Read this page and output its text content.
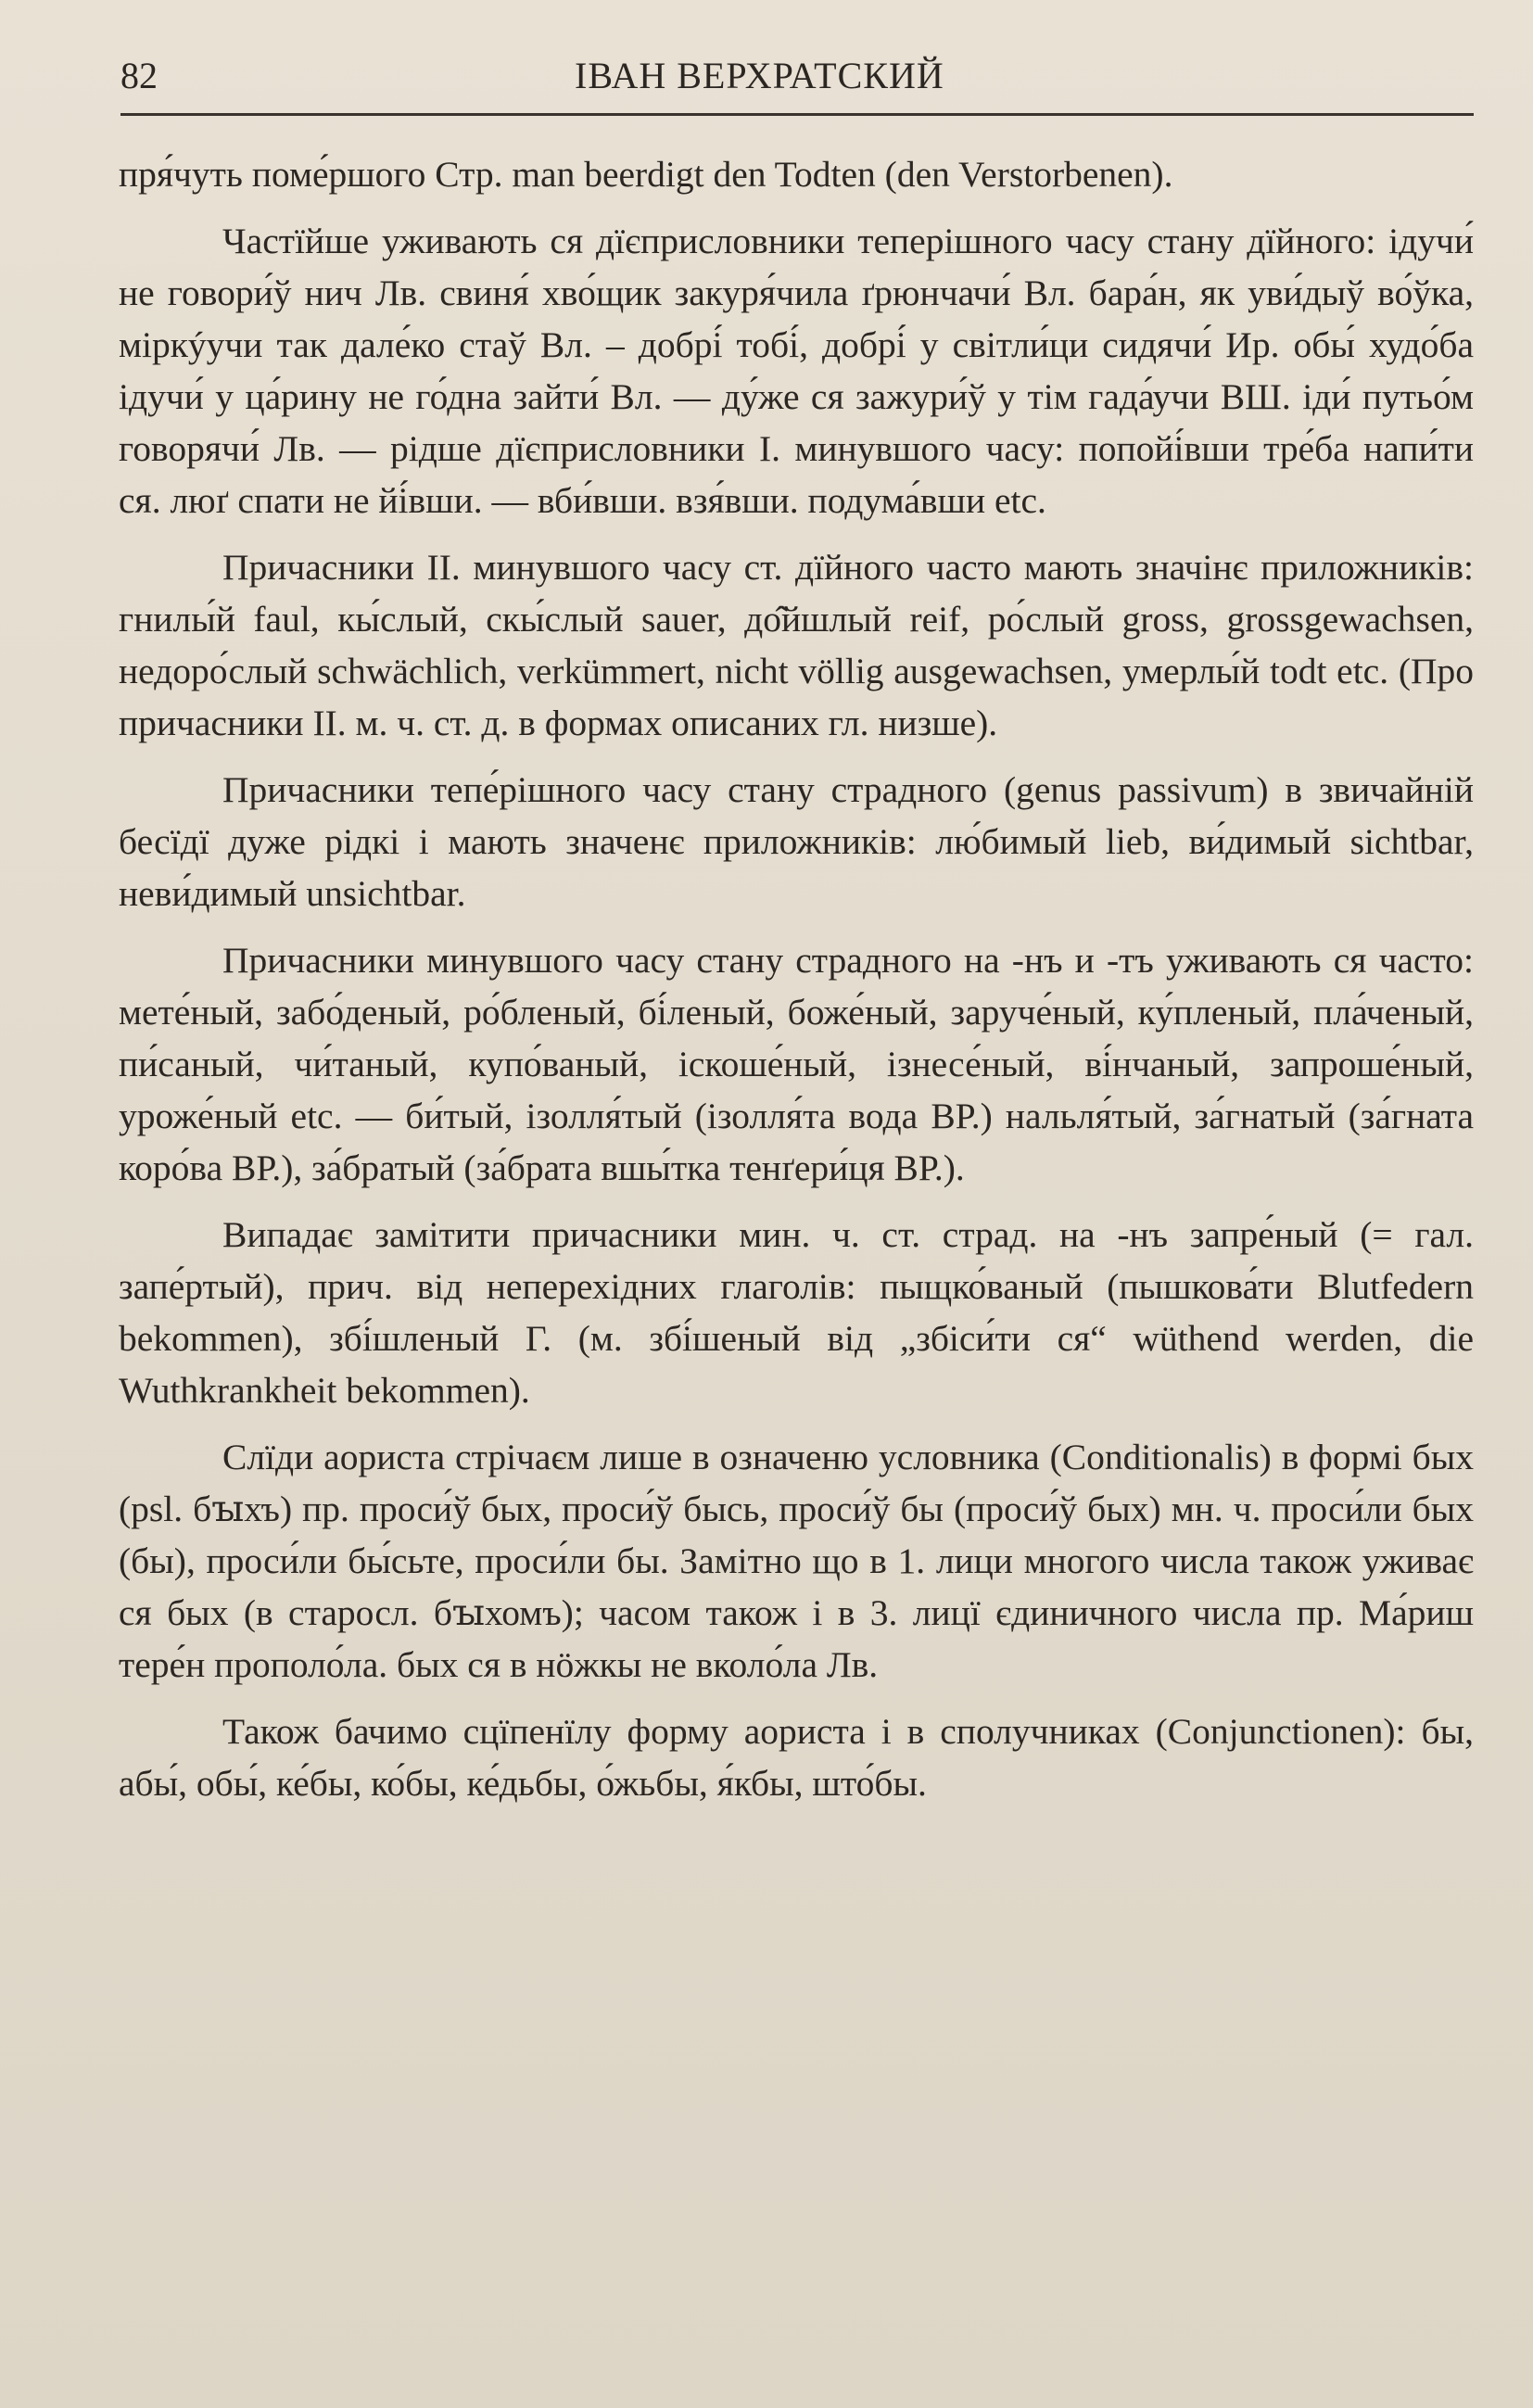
82	ІВАН ВЕРХРАТСКИЙ

пря́чуть поме́ршого Стр. man beerdigt den Todten (den Verstorbenen).

Частїйше уживають ся дїєприсловники теперішного часу стану дїйного: ідучи́ не говори́ў нич Лв. свиня́ хво́щик закуря́чила ґрюнчачи́ Вл. бара́н, як уви́дыў во́ўка, міркýучи так дале́ко стаў Вл. – добрі́ тобі́, добрі́ у світли́ци сидячи́ Ир. обы́ худо́ба ідучи́ у ца́рину не го́дна зайти́ Вл. — ду́же ся зажури́ў у тім гада́учи ВШ. іди́ путьо́м говорячи́ Лв. — рідше дїєприсловники І. минувшого часу: попойі́вши тре́ба напи́ти ся. люґ спати не йі́вши. — вби́вши. взя́вши. подума́вши etc.

Причасники II. минувшого часу ст. дїйного часто мають значінє приложників: гнилы́й faul, кы́слый, скы́слый sauer, до̂йшлый reif, ро́слый gross, grossgewachsen, недоро́слый schwächlich, verkümmert, nicht völlig ausgewachsen, умерлы́й todt etc. (Про причасники II. м. ч. ст. д. в формах описаних гл. низше).

Причасники тепе́рішного часу стану страдного (genus passivum) в звичайній бесїдї дуже рідкі і мають значенє приложників: лю́бимый lieb, ви́димый sichtbar, неви́димый unsichtbar.

Причасники минувшого часу стану страдного на -нъ и -тъ уживають ся часто: мете́ный, забо́деный, ро́бленый, бі́леный, боже́ный, заруче́ный, ку́пленый, пла́ченый, пи́саный, чи́таный, купо́ваный, іскоше́ный, ізнесе́ный, ві́нчаный, запроше́ный, уроже́ный etc. — би́тый, ізолля́тый (ізолля́та вода ВР.) нальля́тый, за́гнатый (за́гната коро́ва ВР.), за́братый (за́брата вшы́тка тенґери́ця ВР.).

Випадає замітити причасники мин. ч. ст. страд. на -нъ запре́ный (= гал. запе́ртый), прич. від неперехідних глаголів: пыщко́ваный (пышкова́ти Blutfedern bekommen), збі́шленый Г. (м. збі́шеный від „збіси́ти ся“ wüthend werden, die Wuthkrankheit bekommen).

Слїди аориста стрічаєм лише в означеню условника (Conditionalis) в формі быx (psl. бꙑхъ) пр. проси́ў быx, проси́ў бысь, проси́ў бы (проси́ў быx) мн. ч. проси́ли быx (бы), проси́ли бы́сьте, проси́ли бы. Замітно що в 1. лици многого числа також уживає ся быx (в старосл. бꙑхомъ); часом також і в 3. лицї єдиничного числа пр. Ма́риш тере́н прополо́ла. быx ся в нӧжкы не вколо́ла Лв.

Також бачимо сцїпенїлу форму аориста і в сполучниках (Conjunctionen): бы, абы́, обы́, ке́бы, ко́бы, ке́дьбы, о́жьбы, я́кбы, што́бы.
